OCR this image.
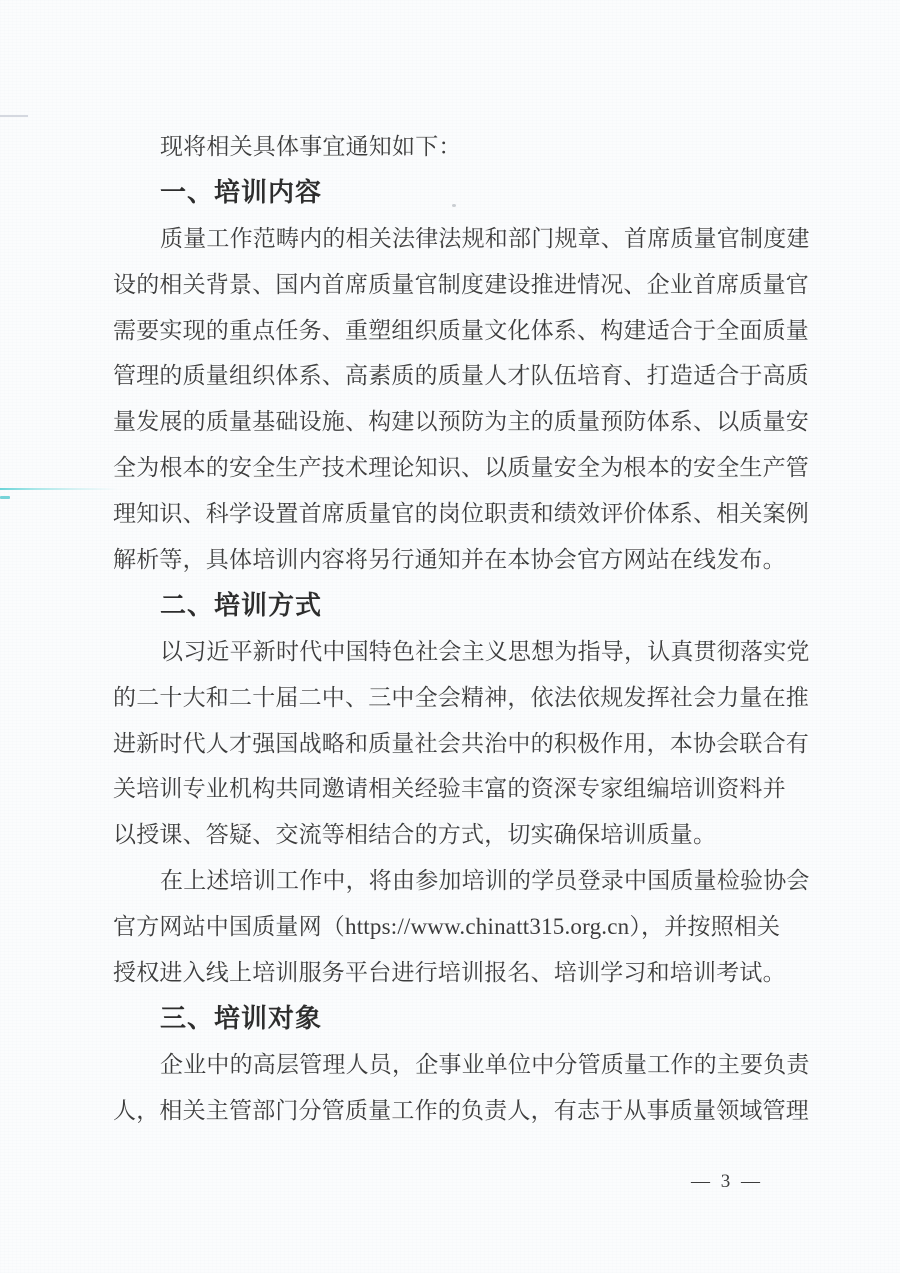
现将相关具体事宜通知如下：
一、培训内容
质量工作范畴内的相关法律法规和部门规章、首席质量官制度建
设的相关背景、国内首席质量官制度建设推进情况、企业首席质量官
需要实现的重点任务、重塑组织质量文化体系、构建适合于全面质量
管理的质量组织体系、高素质的质量人才队伍培育、打造适合于高质
量发展的质量基础设施、构建以预防为主的质量预防体系、以质量安
全为根本的安全生产技术理论知识、以质量安全为根本的安全生产管
理知识、科学设置首席质量官的岗位职责和绩效评价体系、相关案例
解析等，具体培训内容将另行通知并在本协会官方网站在线发布。
二、培训方式
以习近平新时代中国特色社会主义思想为指导，认真贯彻落实党
的二十大和二十届二中、三中全会精神，依法依规发挥社会力量在推
进新时代人才强国战略和质量社会共治中的积极作用，本协会联合有
关培训专业机构共同邀请相关经验丰富的资深专家组编培训资料并
以授课、答疑、交流等相结合的方式，切实确保培训质量。
在上述培训工作中，将由参加培训的学员登录中国质量检验协会
官方网站中国质量网（https://www.chinatt315.org.cn），并按照相关
授权进入线上培训服务平台进行培训报名、培训学习和培训考试。
三、培训对象
企业中的高层管理人员，企事业单位中分管质量工作的主要负责
人，相关主管部门分管质量工作的负责人，有志于从事质量领域管理
— 3 —
